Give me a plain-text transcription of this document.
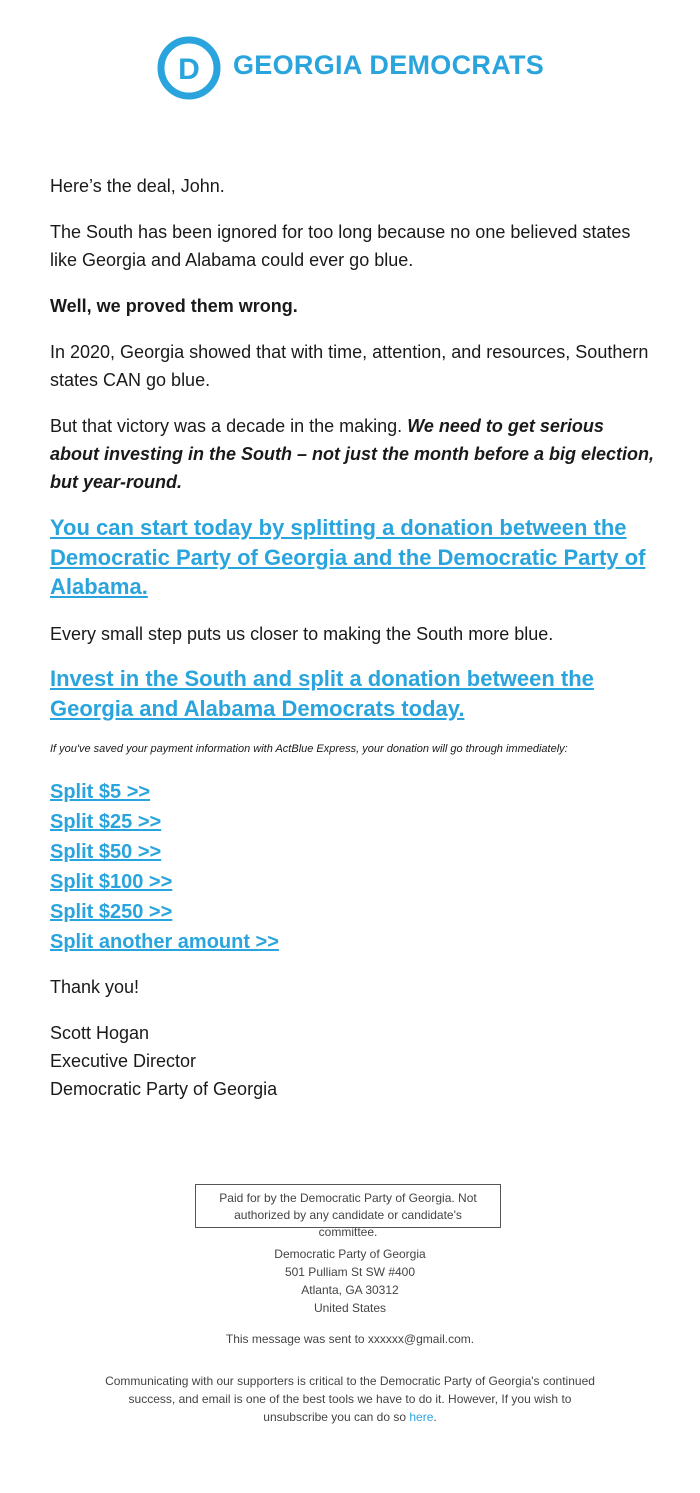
D GEORGIA DEMOCRATS

Here’s the deal, John.

The South has been ignored for too long because no one believed states like Georgia and Alabama could ever go blue.

Well, we proved them wrong.

In 2020, Georgia showed that with time, attention, and resources, Southern states CAN go blue.

But that victory was a decade in the making. We need to get serious about investing in the South – not just the month before a big election, but year-round.

You can start today by splitting a donation between the Democratic Party of Georgia and the Democratic Party of Alabama.

Every small step puts us closer to making the South more blue.

Invest in the South and split a donation between the Georgia and Alabama Democrats today.
If you've saved your payment information with ActBlue Express, your donation will go through immediately:
Split $5 >>
Split $25 >>
Split $50 >>
Split $100 >>
Split $250 >>
Split another amount >>

Thank you!

Scott Hogan
Executive Director
Democratic Party of Georgia
Paid for by the Democratic Party of Georgia. Not authorized by any candidate or candidate's committee.
Democratic Party of Georgia
501 Pulliam St SW #400
Atlanta, GA 30312
United States
This message was sent to xxxxxx@gmail.com.
Communicating with our supporters is critical to the Democratic Party of Georgia's continued success, and email is one of the best tools we have to do it. However, If you wish to unsubscribe you can do so here.
